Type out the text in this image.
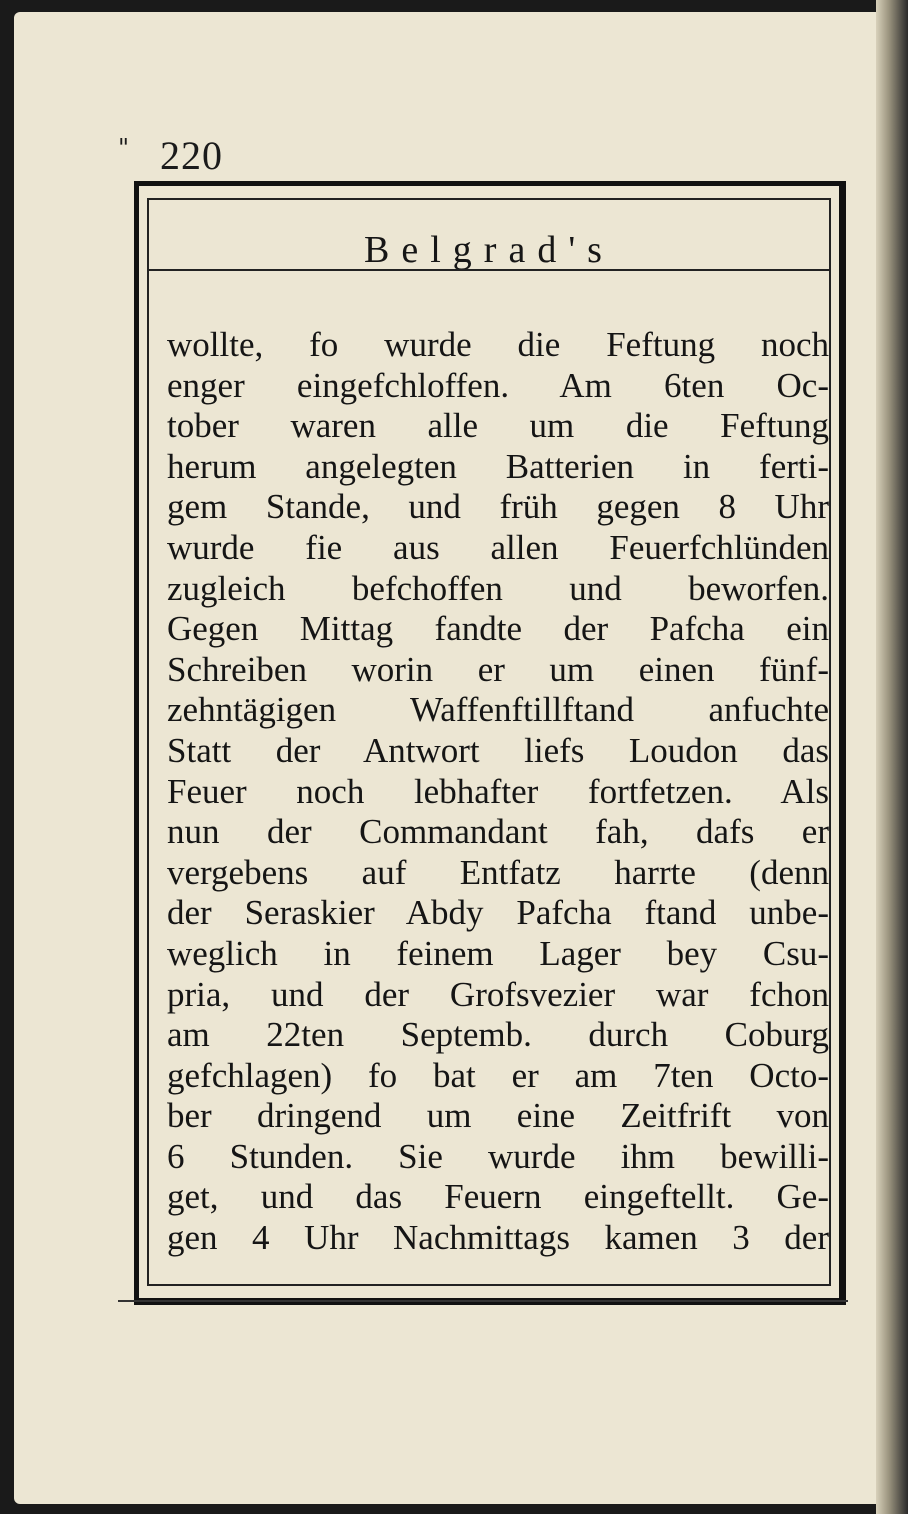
" 220
Belgrad's
wollte, fo wurde die Feftung noch
enger eingefchloffen. Am 6ten Oc-
tober waren alle um die Feftung
herum angelegten Batterien in ferti-
gem Stande, und früh gegen 8 Uhr
wurde fie aus allen Feuerfchlünden
zugleich befchoffen und beworfen.
Gegen Mittag fandte der Pafcha ein
Schreiben worin er um einen fünf-
zehntägigen Waffenftillftand anfuchte
Statt der Antwort liefs Loudon das
Feuer noch lebhafter fortfetzen. Als
nun der Commandant fah, dafs er
vergebens auf Entfatz harrte (denn
der Seraskier Abdy Pafcha ftand unbe-
weglich in feinem Lager bey Csu-
pria, und der Grofsvezier war fchon
am 22ten Septemb. durch Coburg
gefchlagen) fo bat er am 7ten Octo-
ber dringend um eine Zeitfrift von
6 Stunden. Sie wurde ihm bewilli-
get, und das Feuern eingeftellt. Ge-
gen 4 Uhr Nachmittags kamen 3 der
